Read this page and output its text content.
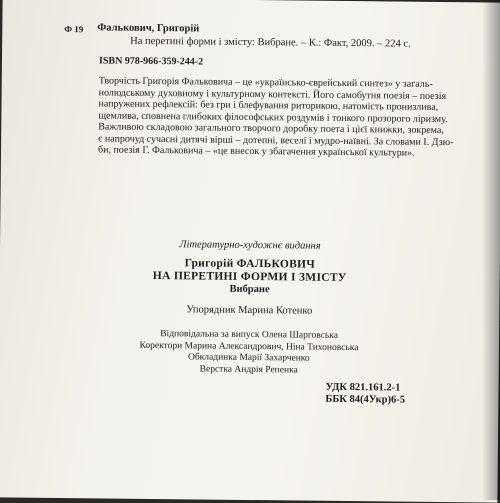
Ф 19 Фалькович, Григорій
На перетині форми і змісту: Вибране. – К.: Факт, 2009. – 224 с.
ISBN 978-966-359-244-2
Творчість Григорія Фальковича – це «українсько-єврейський синтез» у загаль-
нолюдському духовному і культурному контексті. Його самобутня поезія – поезія
напружених рефлексій: без гри і блефування риторикою, натомість пронизлива,
щемлива, сповнена глибоких філософських роздумів і тонкого прозорого ліризму.
Важливою складовою загального творчого доробку поета і цієї книжки, зокрема,
є напрочуд сучасні дитячі вірші – дотепні, веселі і мудро-наївні. За словами І. Дзю-
би, поезія Г. Фальковича – «це внесок у збагачення української культури».
Літературно-художнє видання
Григорій ФАЛЬКОВИЧ
НА ПЕРЕТИНІ ФОРМИ І ЗМІСТУ
Вибране
Упорядник Марина Котенко
Відповідальна за випуск Олена Шарговська
Коректори Марина Александрович, Ніна Тихоновська
Обкладинка Марії Захарченко
Верстка Андрія Репенка
УДК 821.161.2-1
ББК 84(4Укр)6-5
